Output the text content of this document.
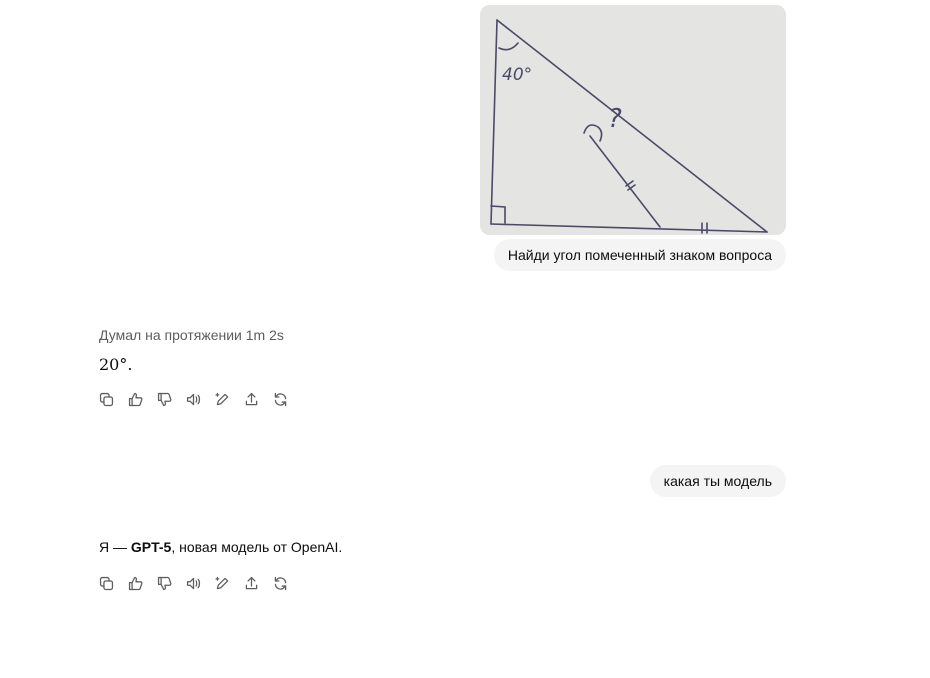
40°
?
Найди угол помеченный знаком вопроса
Думал на протяжении 1m 2s
20°.
какая ты модель
Я — GPT-5, новая модель от OpenAI.
